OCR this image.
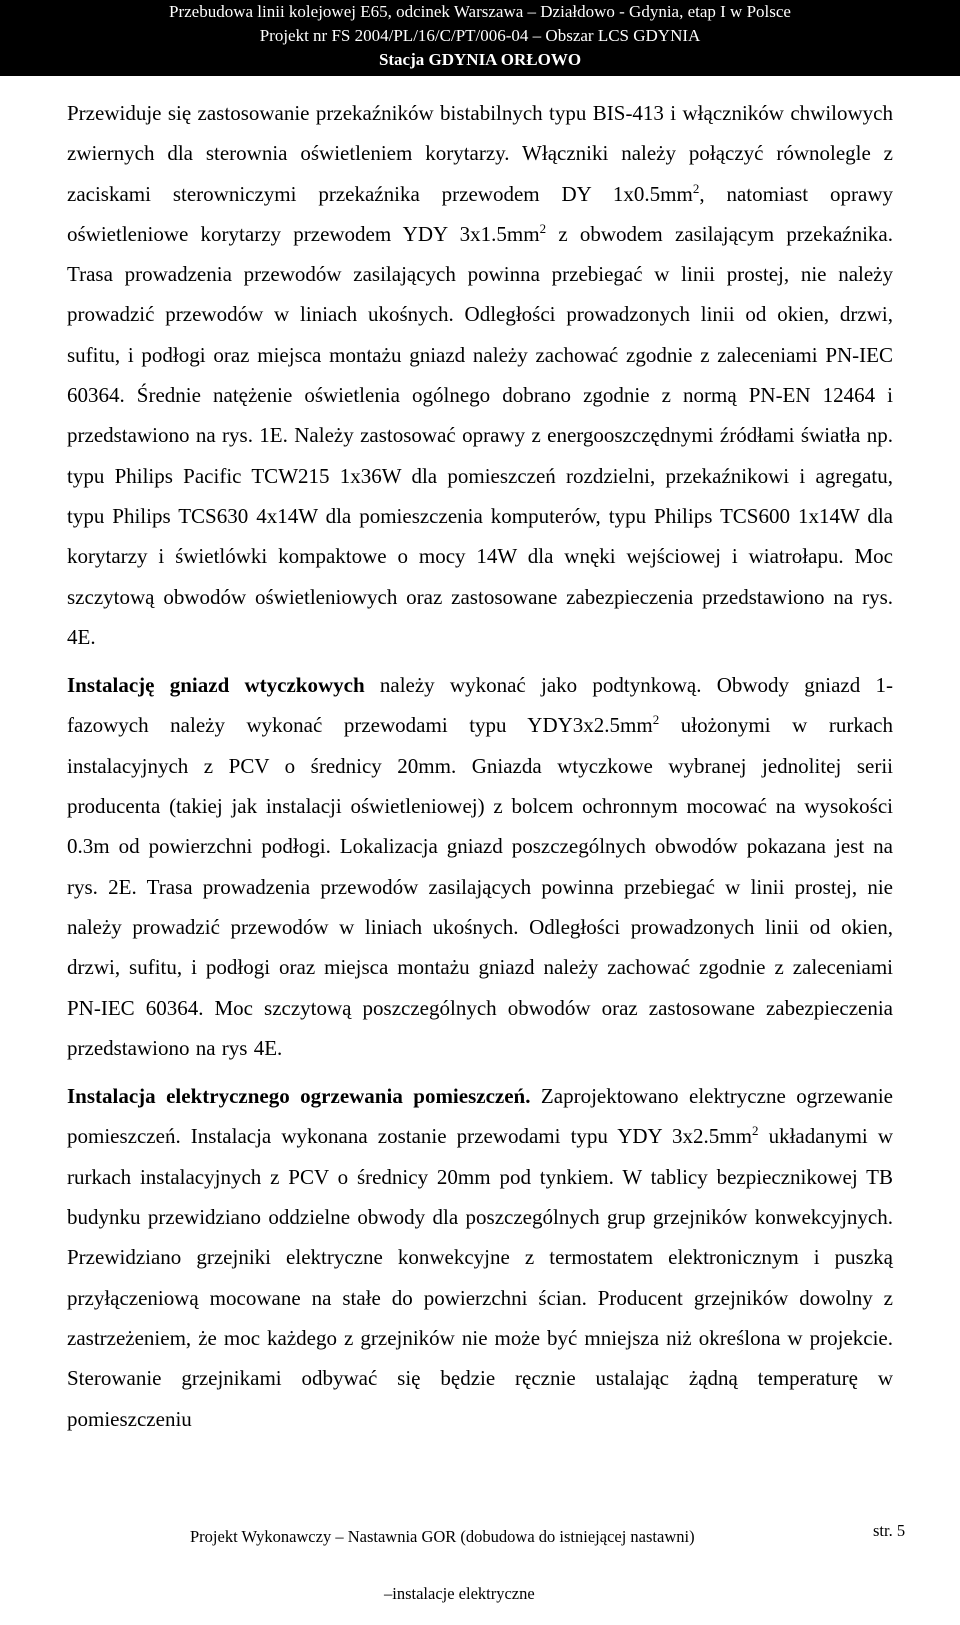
Przebudowa linii kolejowej E65, odcinek Warszawa – Działdowo - Gdynia, etap I w Polsce
Projekt nr FS 2004/PL/16/C/PT/006-04 – Obszar LCS GDYNIA
Stacja GDYNIA ORŁOWO

Przewiduje się zastosowanie przekaźników bistabilnych typu BIS-413 i włączników chwilowych zwiernych dla sterownia oświetleniem korytarzy. Włączniki należy połączyć równolegle z zaciskami sterowniczymi przekaźnika przewodem DY $1x0.5mm^2$, natomiast oprawy oświetleniowe korytarzy przewodem YDY $3x1.5mm^2$ z obwodem zasilającym przekaźnika. Trasa prowadzenia przewodów zasilających powinna przebiegać w linii prostej, nie należy prowadzić przewodów w liniach ukośnych. Odległości prowadzonych linii od okien, drzwi, sufitu, i podłogi oraz miejsca montażu gniazd należy zachować zgodnie z zaleceniami PN-IEC 60364. Średnie natężenie oświetlenia ogólnego dobrano zgodnie z normą PN-EN 12464 i przedstawiono na rys. 1E. Należy zastosować oprawy z energooszczędnymi źródłami światła np. typu Philips Pacific TCW215 1x36W dla pomieszczeń rozdzielni, przekaźnikowi i agregatu, typu Philips TCS630 4x14W dla pomieszczenia komputerów, typu Philips TCS600 1x14W dla korytarzy i świetlówki kompaktowe o mocy 14W dla wnęki wejściowej i wiatrołapu. Moc szczytową obwodów oświetleniowych oraz zastosowane zabezpieczenia przedstawiono na rys. 4E.

Instalację gniazd wtyczkowych należy wykonać jako podtynkową. Obwody gniazd 1-fazowych należy wykonać przewodami typu $YDY3x2.5mm^2$ ułożonymi w rurkach instalacyjnych z PCV o średnicy 20mm. Gniazda wtyczkowe wybranej jednolitej serii producenta (takiej jak instalacji oświetleniowej) z bolcem ochronnym mocować na wysokości 0.3m od powierzchni podłogi. Lokalizacja gniazd poszczególnych obwodów pokazana jest na rys. 2E. Trasa prowadzenia przewodów zasilających powinna przebiegać w linii prostej, nie należy prowadzić przewodów w liniach ukośnych. Odległości prowadzonych linii od okien, drzwi, sufitu, i podłogi oraz miejsca montażu gniazd należy zachować zgodnie z zaleceniami PN-IEC 60364. Moc szczytową poszczególnych obwodów oraz zastosowane zabezpieczenia przedstawiono na rys 4E.

Instalacja elektrycznego ogrzewania pomieszczeń. Zaprojektowano elektryczne ogrzewanie pomieszczeń. Instalacja wykonana zostanie przewodami typu YDY $3x2.5mm^2$ układanymi w rurkach instalacyjnych z PCV o średnicy 20mm pod tynkiem. W tablicy bezpiecznikowej TB budynku przewidziano oddzielne obwody dla poszczególnych grup grzejników konwekcyjnych. Przewidziano grzejniki elektryczne konwekcyjne z termostatem elektronicznym i puszką przyłączeniową mocowane na stałe do powierzchni ścian. Producent grzejników dowolny z zastrzeżeniem, że moc każdego z grzejników nie może być mniejsza niż określona w projekcie. Sterowanie grzejnikami odbywać się będzie ręcznie ustalając żądną temperaturę w pomieszczeniu

Projekt Wykonawczy – Nastawnia GOR (dobudowa do istniejącej nastawni)	str. 5
–instalacje elektryczne
